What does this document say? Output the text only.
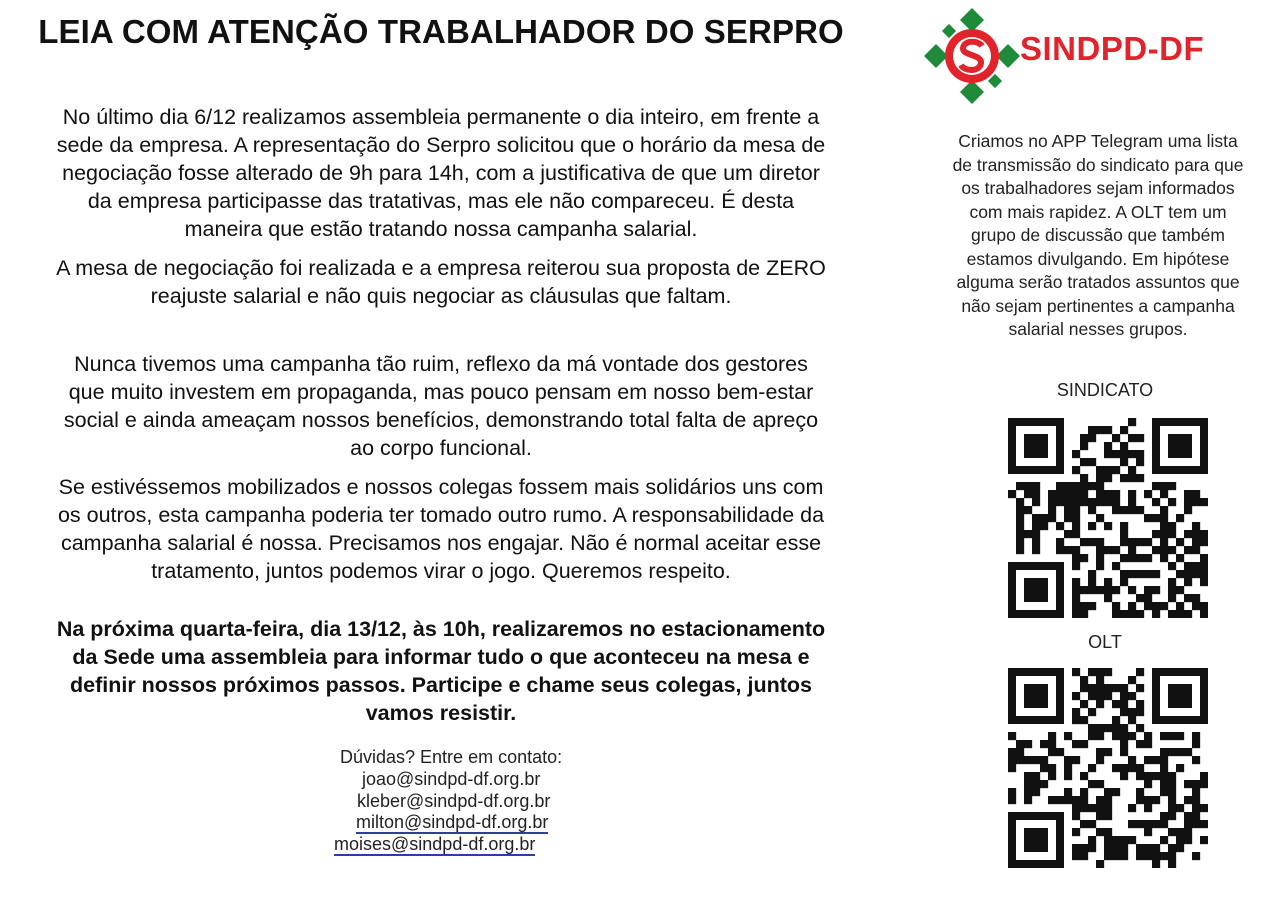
LEIA COM ATENÇÃO TRABALHADOR DO SERPRO

No último dia 6/12 realizamos assembleia permanente o dia inteiro, em frente a
sede da empresa. A representação do Serpro solicitou que o horário da mesa de
negociação fosse alterado de 9h para 14h, com a justificativa de que um diretor
da empresa participasse das tratativas, mas ele não compareceu. É desta
maneira que estão tratando nossa campanha salarial.

A mesa de negociação foi realizada e a empresa reiterou sua proposta de ZERO
reajuste salarial e não quis negociar as cláusulas que faltam.

Nunca tivemos uma campanha tão ruim, reflexo da má vontade dos gestores
que muito investem em propaganda, mas pouco pensam em nosso bem-estar
social e ainda ameaçam nossos benefícios, demonstrando total falta de apreço
ao corpo funcional.

Se estivéssemos mobilizados e nossos colegas fossem mais solidários uns com
os outros, esta campanha poderia ter tomado outro rumo. A responsabilidade da
campanha salarial é nossa. Precisamos nos engajar. Não é normal aceitar esse
tratamento, juntos podemos virar o jogo. Queremos respeito.

Na próxima quarta-feira, dia 13/12, às 10h, realizaremos no estacionamento
da Sede uma assembleia para informar tudo o que aconteceu na mesa e
definir nossos próximos passos. Participe e chame seus colegas, juntos
vamos resistir.

Dúvidas? Entre em contato:
joao@sindpd-df.org.br
kleber@sindpd-df.org.br
milton@sindpd-df.org.br
moises@sindpd-df.org.br
SINDPD-DF
Criamos no APP Telegram uma lista
de transmissão do sindicato para que
os trabalhadores sejam informados
com mais rapidez. A OLT tem um
grupo de discussão que também
estamos divulgando. Em hipótese
alguma serão tratados assuntos que
não sejam pertinentes a campanha
salarial nesses grupos.
SINDICATO
OLT
